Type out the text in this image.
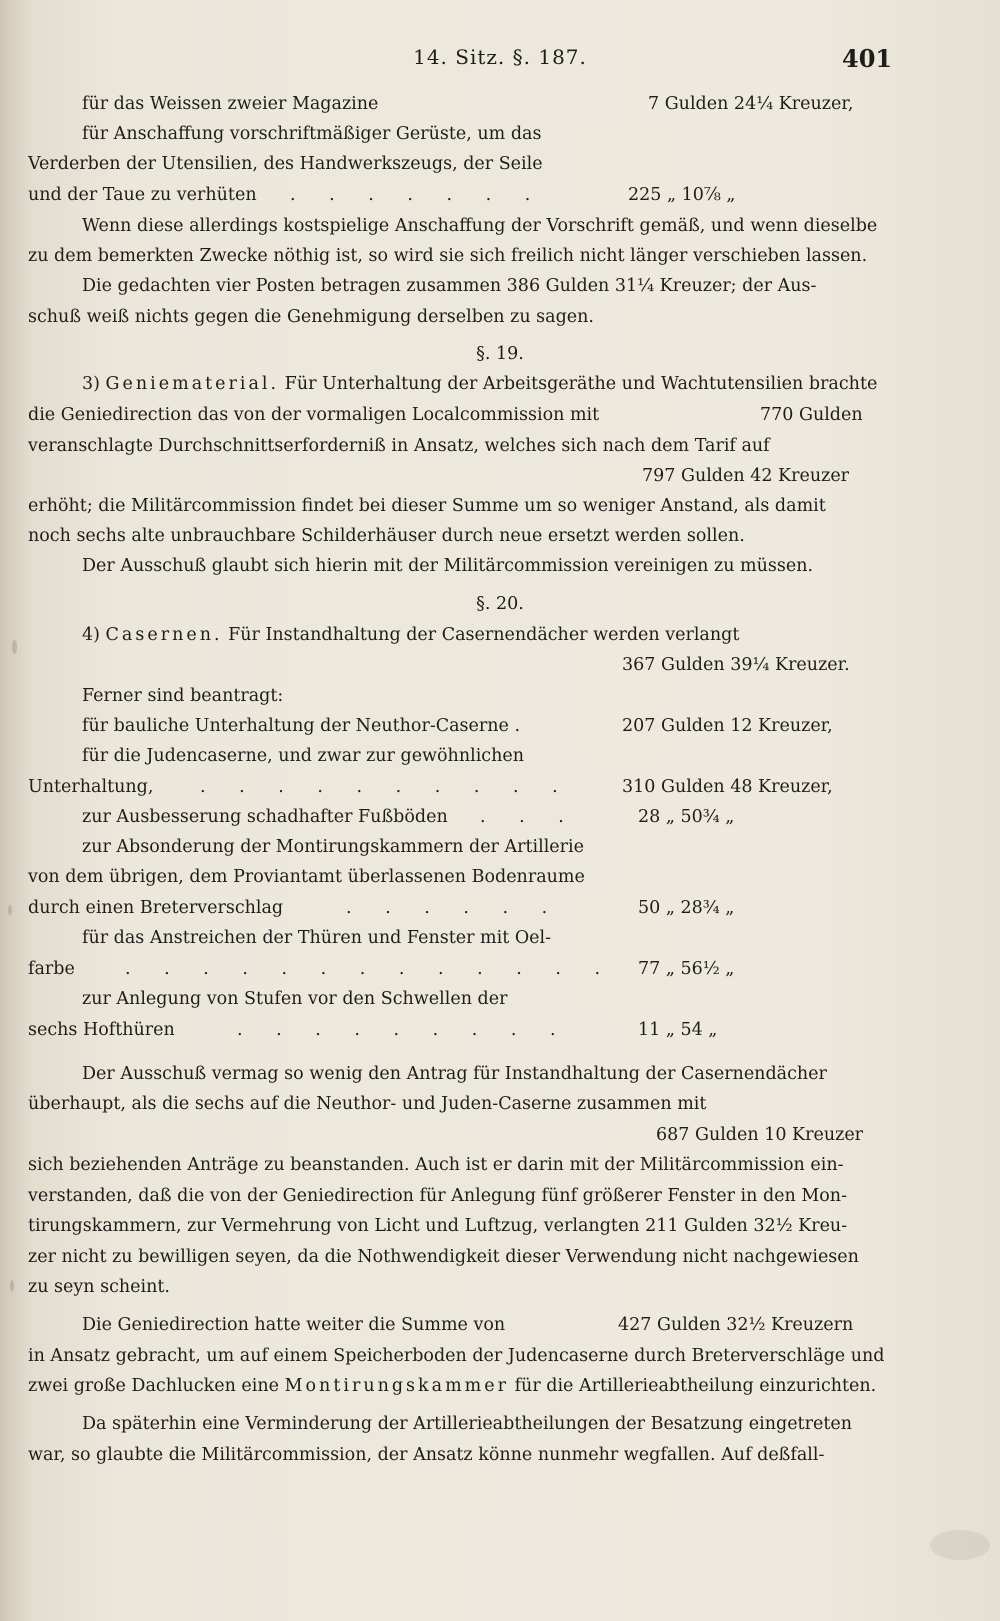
14. Sitz. §. 187.	401
für das Weissen zweier Magazine	7 Gulden 24¼ Kreuzer,
für Anschaffung vorschriftmäßiger Gerüste, um das
Verderben der Utensilien, des Handwerkszeugs, der Seile
und der Taue zu verhüten . . . . . . .	225 „ 10⅞ „
Wenn diese allerdings kostspielige Anschaffung der Vorschrift gemäß, und wenn dieselbe
zu dem bemerkten Zwecke nöthig ist, so wird sie sich freilich nicht länger verschieben lassen.
Die gedachten vier Posten betragen zusammen 386 Gulden 31¼ Kreuzer; der Aus-
schuß weiß nichts gegen die Genehmigung derselben zu sagen.
§. 19.
3) Geniematerial. Für Unterhaltung der Arbeitsgeräthe und Wachtutensilien brachte
die Geniedirection das von der vormaligen Localcommission mit	770 Gulden
veranschlagte Durchschnittserforderniß in Ansatz, welches sich nach dem Tarif auf
797 Gulden 42 Kreuzer
erhöht; die Militärcommission findet bei dieser Summe um so weniger Anstand, als damit
noch sechs alte unbrauchbare Schilderhäuser durch neue ersetzt werden sollen.
Der Ausschuß glaubt sich hierin mit der Militärcommission vereinigen zu müssen.
§. 20.
4) Casernen. Für Instandhaltung der Casernendächer werden verlangt
367 Gulden 39¼ Kreuzer.
Ferner sind beantragt:
für bauliche Unterhaltung der Neuthor-Caserne .	207 Gulden 12 Kreuzer,
für die Judencaserne, und zwar zur gewöhnlichen
Unterhaltung,	. . . . . . . . . .	310 Gulden 48 Kreuzer,
zur Ausbesserung schadhafter Fußböden . . .	28 „ 50¾ „
zur Absonderung der Montirungskammern der Artillerie
von dem übrigen, dem Proviantamt überlassenen Bodenraume
durch einen Breterverschlag	. . . . . .	50 „ 28¾ „
für das Anstreichen der Thüren und Fenster mit Oel-
farbe	. . . . . . . . . . . . . 77 „ 56½ „
zur Anlegung von Stufen vor den Schwellen der
sechs Hofthüren	. . . . . . . . .	11 „ 54 „
Der Ausschuß vermag so wenig den Antrag für Instandhaltung der Casernendächer
überhaupt, als die sechs auf die Neuthor- und Juden-Caserne zusammen mit
687 Gulden 10 Kreuzer
sich beziehenden Anträge zu beanstanden. Auch ist er darin mit der Militärcommission ein-
verstanden, daß die von der Geniedirection für Anlegung fünf größerer Fenster in den Mon-
tirungskammern, zur Vermehrung von Licht und Luftzug, verlangten 211 Gulden 32½ Kreu-
zer nicht zu bewilligen seyen, da die Nothwendigkeit dieser Verwendung nicht nachgewiesen
zu seyn scheint.
Die Geniedirection hatte weiter die Summe von	427 Gulden 32½ Kreuzern
in Ansatz gebracht, um auf einem Speicherboden der Judencaserne durch Breterverschläge und
zwei große Dachlucken eine Montirungskammer für die Artillerieabtheilung einzurichten.
Da späterhin eine Verminderung der Artillerieabtheilungen der Besatzung eingetreten
war, so glaubte die Militärcommission, der Ansatz könne nunmehr wegfallen. Auf deßfall-
